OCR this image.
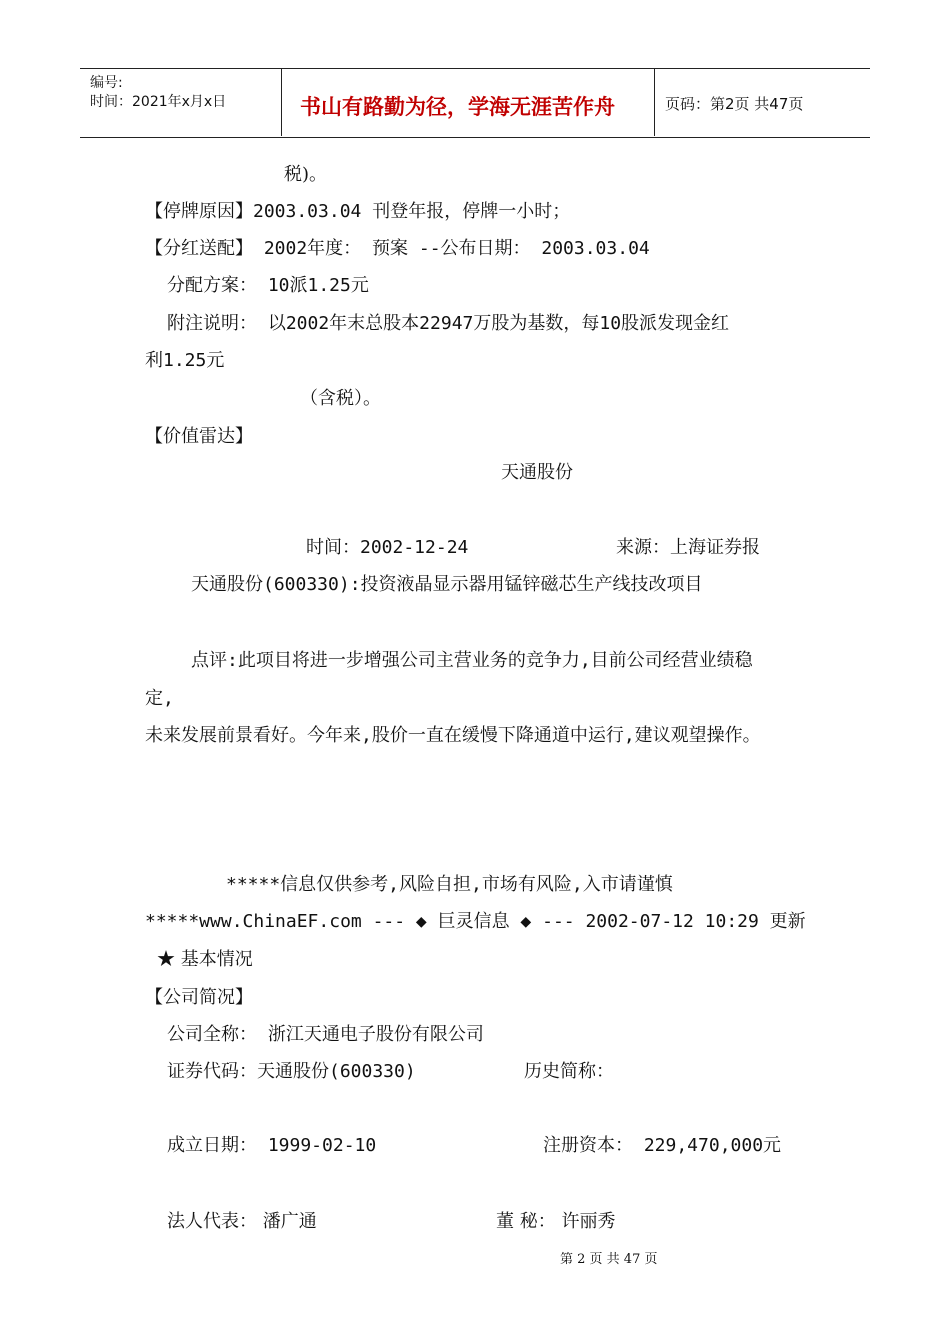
编号:
时间：2021年x月x日	书山有路勤为径，学海无涯苦作舟	页码：第2页 共47页
税)。
【停牌原因】2003.03.04 刊登年报，停牌一小时；
【分红送配】 2002年度： 预案 --公布日期： 2003.03.04
分配方案： 10派1.25元
附注说明： 以2002年末总股本22947万股为基数，每10股派发现金红
利1.25元
（含税）。
【价值雷达】
天通股份
时间：2002-12-24	来源：上海证券报
天通股份(600330):投资液晶显示器用锰锌磁芯生产线技改项目
点评:此项目将进一步增强公司主营业务的竞争力,目前公司经营业绩稳
定,
未来发展前景看好。今年来,股价一直在缓慢下降通道中运行,建议观望操作。
*****信息仅供参考,风险自担,市场有风险,入市请谨慎
*****www.ChinaEF.com --- ◆ 巨灵信息 ◆ --- 2002-07-12 10:29 更新
★ 基本情况
【公司简况】
公司全称： 浙江天通电子股份有限公司
证券代码：天通股份(600330)	历史简称：
成立日期： 1999-02-10	注册资本： 229,470,000元
法人代表： 潘广通	董 秘： 许丽秀
第 2 页 共 47 页
